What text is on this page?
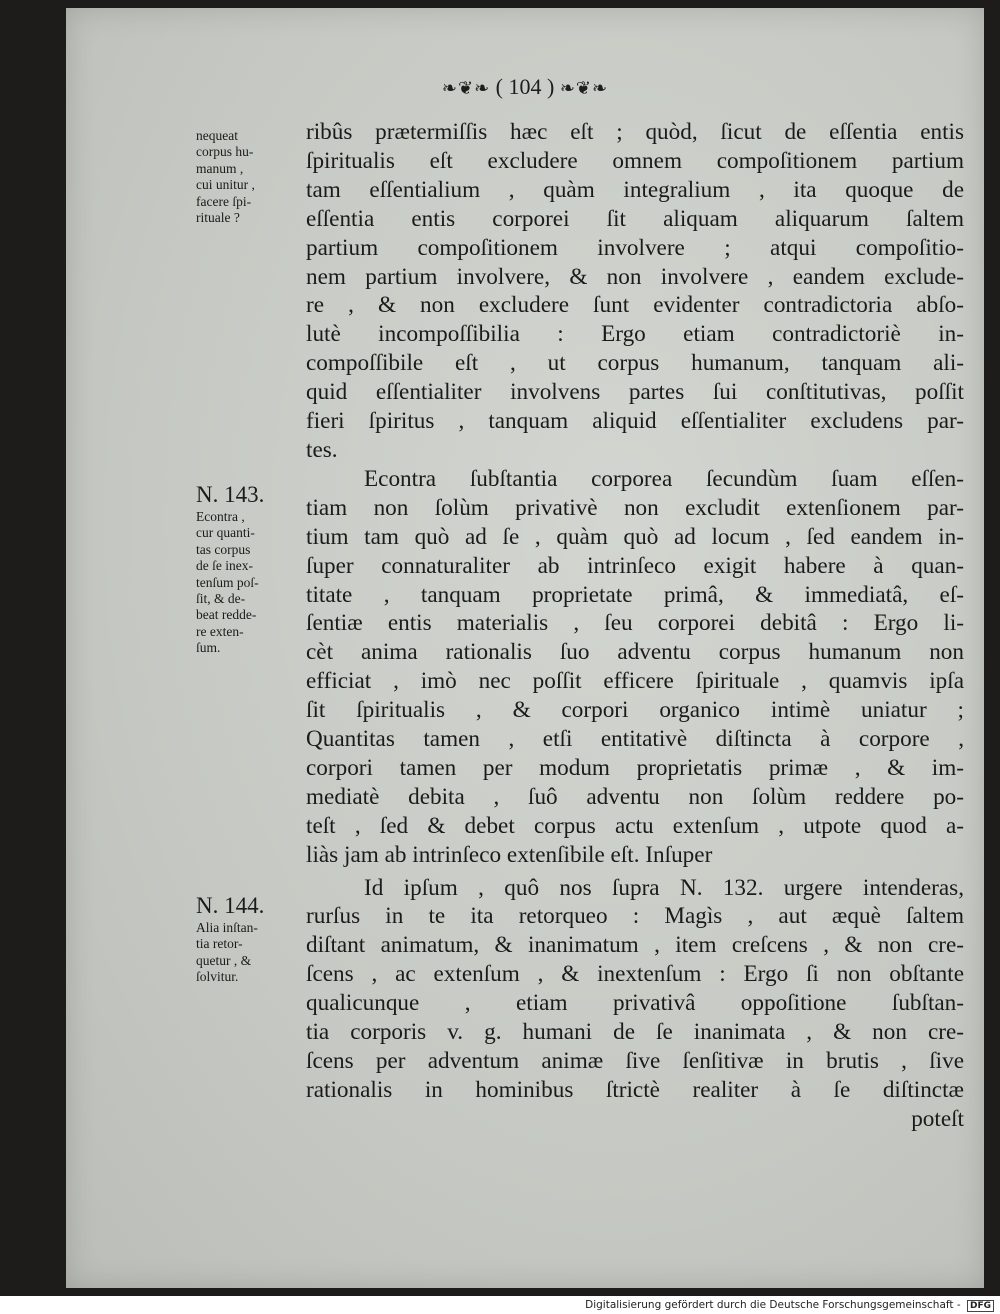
❧❦❧ ( 104 ) ❧❦❧
nequeat
corpus hu-
manum ,
cui unitur ,
facere ſpi-
rituale ?
N. 143.
Econtra ,
cur quanti-
tas corpus
de ſe inex-
tenſum poſ-
ſit, & de-
beat redde-
re exten-
ſum.
N. 144.
Alia inſtan-
tia retor-
quetur , &
ſolvitur.
ribûs prætermiſſis hæc eſt ; quòd, ſicut de eſſentia entis
ſpiritualis eſt excludere omnem compoſitionem partium
tam eſſentialium , quàm integralium , ita quoque de
eſſentia entis corporei ſit aliquam aliquarum ſaltem
partium compoſitionem involvere ; atqui compoſitio-
nem partium involvere, & non involvere , eandem exclude-
re , & non excludere ſunt evidenter contradictoria abſo-
lutè incompoſſibilia : Ergo etiam contradictoriè in-
compoſſibile eſt , ut corpus humanum, tanquam ali-
quid eſſentialiter involvens partes ſui conſtitutivas, poſſit
fieri ſpiritus , tanquam aliquid eſſentialiter excludens par-
tes.
Econtra ſubſtantia corporea ſecundùm ſuam eſſen-
tiam non ſolùm privativè non excludit extenſionem par-
tium tam quò ad ſe , quàm quò ad locum , ſed eandem in-
ſuper connaturaliter ab intrinſeco exigit habere à quan-
titate , tanquam proprietate primâ, & immediatâ, eſ-
ſentiæ entis materialis , ſeu corporei debitâ : Ergo li-
cèt anima rationalis ſuo adventu corpus humanum non
efficiat , imò nec poſſit efficere ſpirituale , quamvis ipſa
ſit ſpiritualis , & corpori organico intimè uniatur ;
Quantitas tamen , etſi entitativè diſtincta à corpore ,
corpori tamen per modum proprietatis primæ , & im-
mediatè debita , ſuô adventu non ſolùm reddere po-
teſt , ſed & debet corpus actu extenſum , utpote quod a-
liàs jam ab intrinſeco extenſibile eſt. Inſuper
Id ipſum , quô nos ſupra N. 132. urgere intenderas,
rurſus in te ita retorqueo : Magìs , aut æquè ſaltem
diſtant animatum, & inanimatum , item creſcens , & non cre-
ſcens , ac extenſum , & inextenſum : Ergo ſi non obſtante
qualicunque , etiam privativâ oppoſitione ſubſtan-
tia corporis v. g. humani de ſe inanimata , & non cre-
ſcens per adventum animæ ſive ſenſitivæ in brutis , ſive
rationalis in hominibus ſtrictè realiter à ſe diſtinctæ
poteſt
Digitalisierung gefördert durch die Deutsche Forschungsgemeinschaft - DFG
